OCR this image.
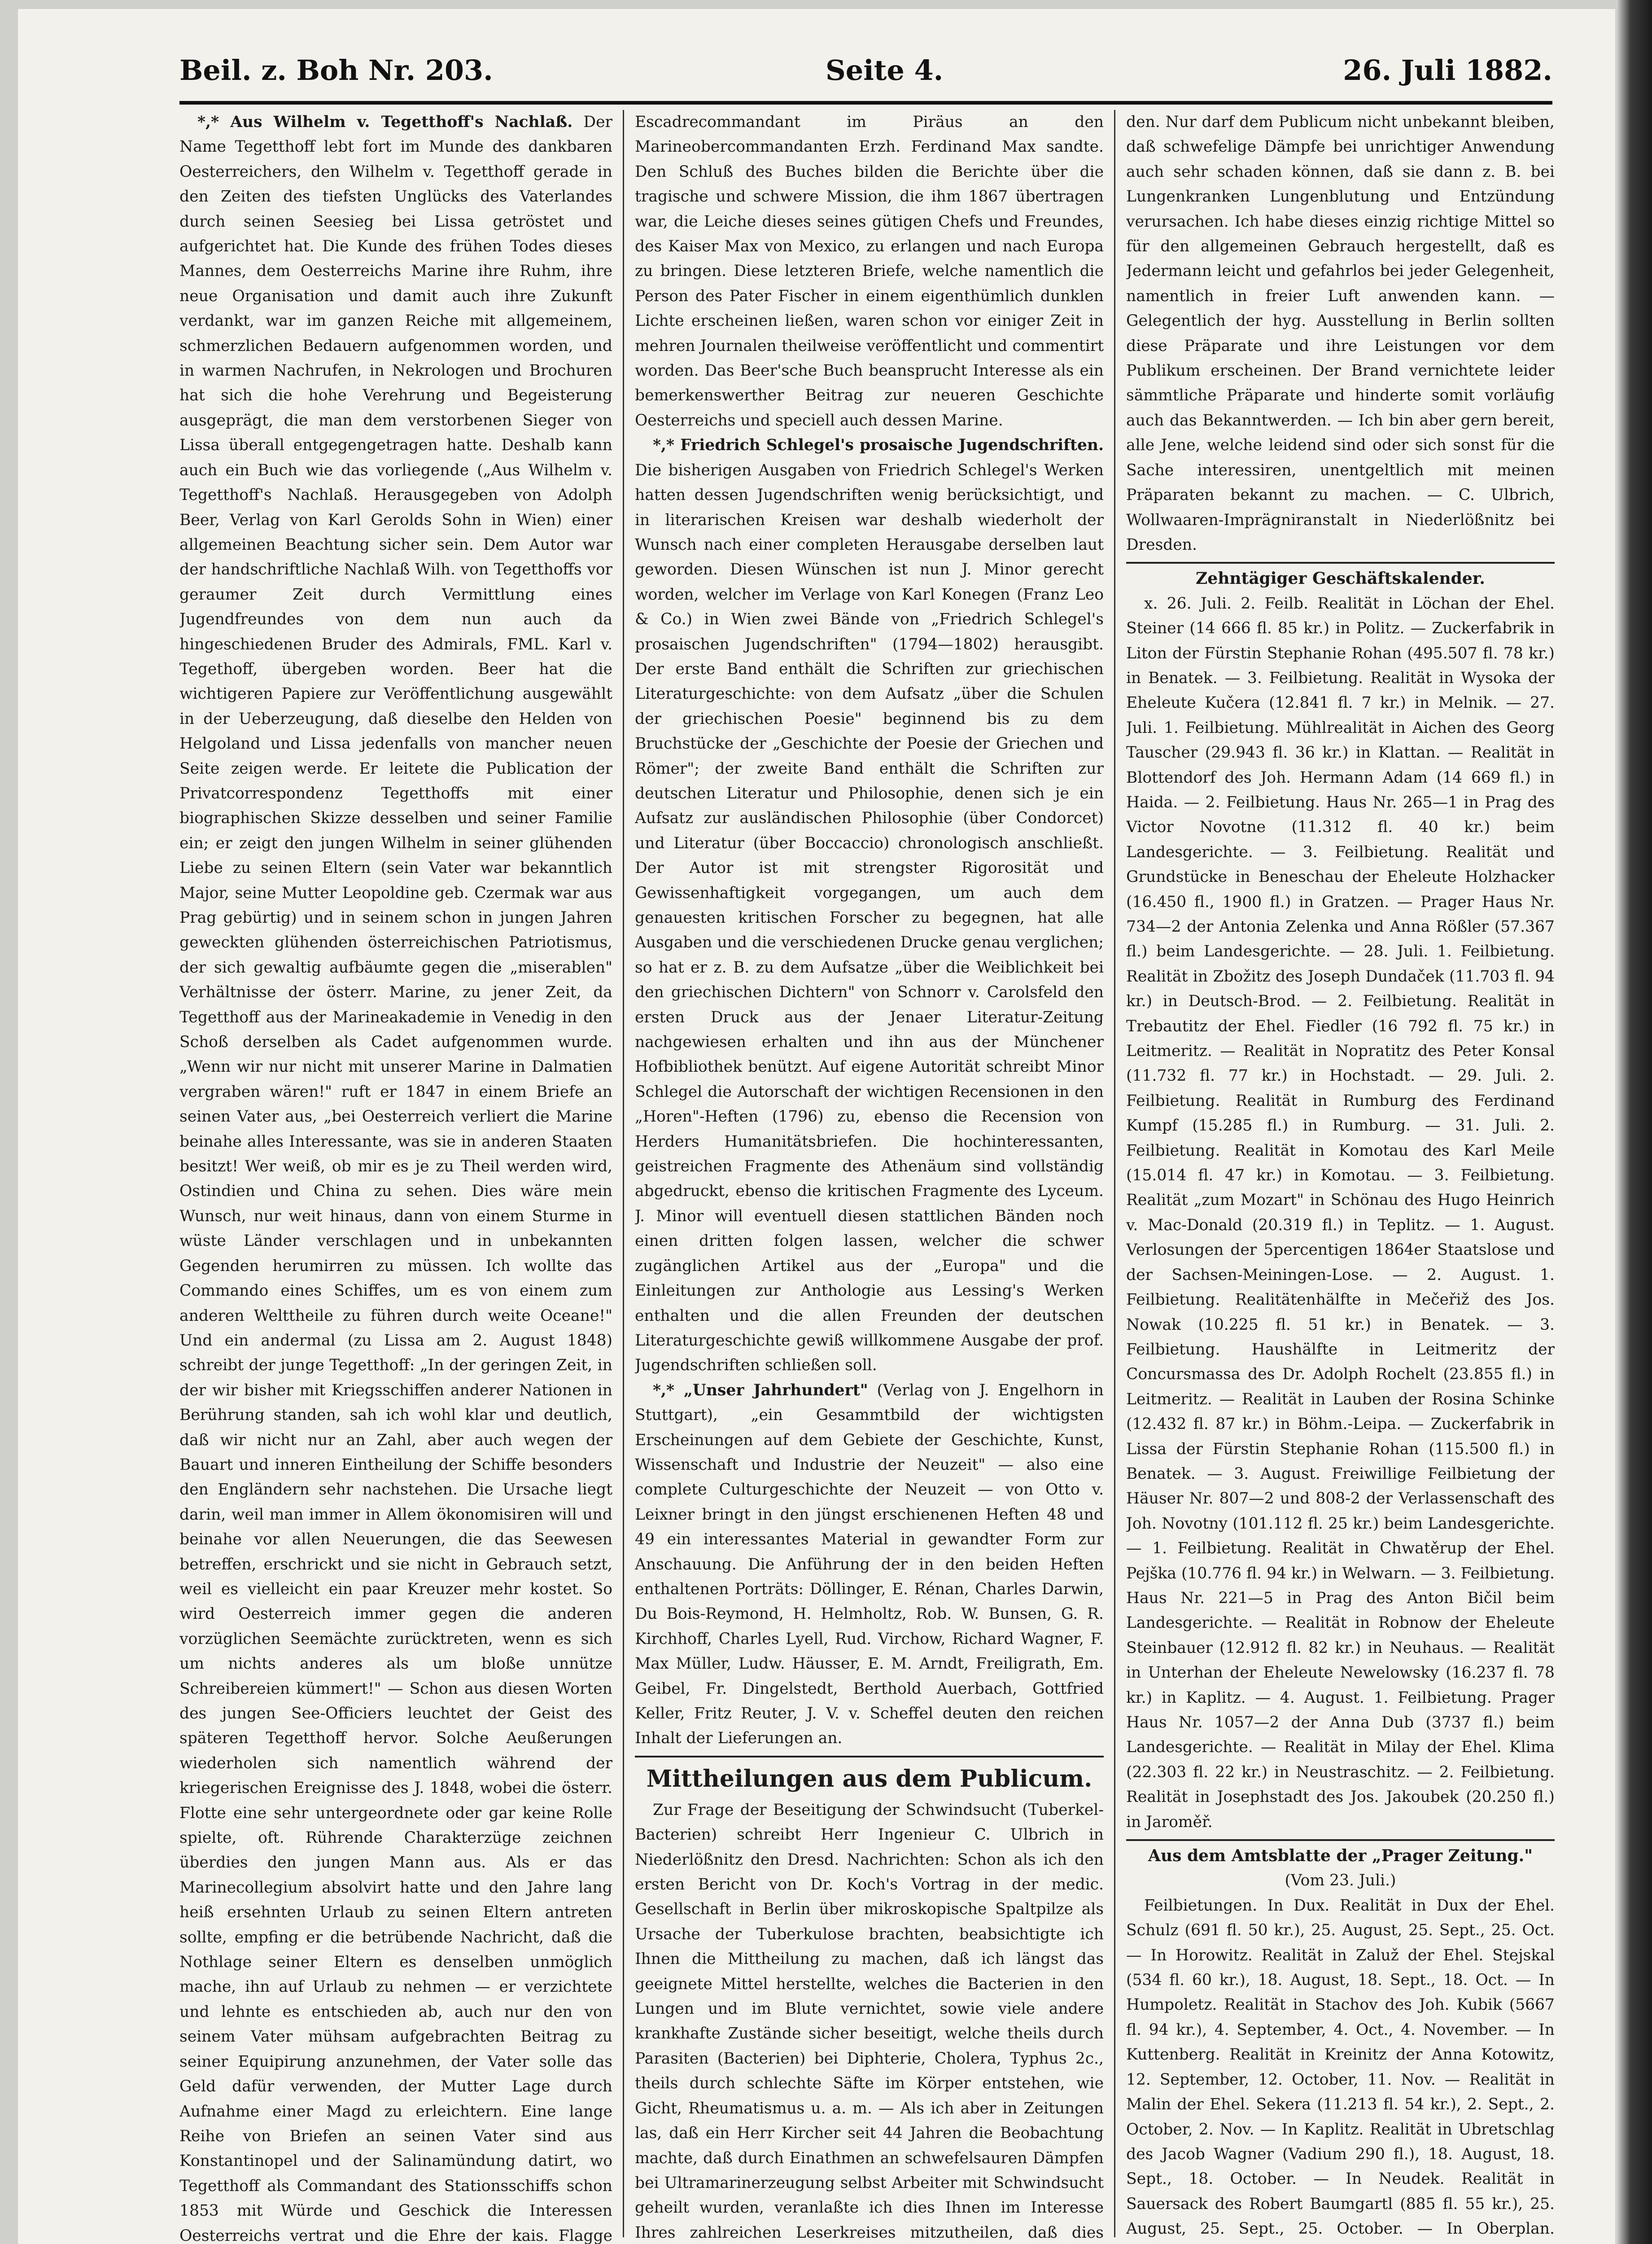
Beil. z. Boh Nr. 203.	Seite 4.	26. Juli 1882.

*,* Aus Wilhelm v. Tegetthoff's Nachlaß. Der Name Tegetthoff lebt fort im Munde des dankbaren Oesterreichers, den Wilhelm v. Tegetthoff gerade in den Zeiten des tiefsten Unglücks des Vaterlandes durch seinen Seesieg bei Lissa getröstet und aufgerichtet hat. Die Kunde des frühen Todes dieses Mannes, dem Oesterreichs Marine ihre Ruhm, ihre neue Organisation und damit auch ihre Zukunft verdankt, war im ganzen Reiche mit allgemeinem, schmerzlichen Bedauern aufgenommen worden, und in warmen Nachrufen, in Nekrologen und Brochuren hat sich die hohe Verehrung und Begeisterung ausgeprägt, die man dem verstorbenen Sieger von Lissa überall entgegengetragen hatte. Deshalb kann auch ein Buch wie das vorliegende („Aus Wilhelm v. Tegetthoff's Nachlaß. Herausgegeben von Adolph Beer, Verlag von Karl Gerolds Sohn in Wien) einer allgemeinen Beachtung sicher sein. Dem Autor war der handschriftliche Nachlaß Wilh. von Tegetthoffs vor geraumer Zeit durch Vermittlung eines Jugendfreundes von dem nun auch da hingeschiedenen Bruder des Admirals, FML. Karl v. Tegethoff, übergeben worden. Beer hat die wichtigeren Papiere zur Veröffentlichung ausgewählt in der Ueberzeugung, daß dieselbe den Helden von Helgoland und Lissa jedenfalls von mancher neuen Seite zeigen werde. Er leitete die Publication der Privatcorrespondenz Tegetthoffs mit einer biographischen Skizze desselben und seiner Familie ein; er zeigt den jungen Wilhelm in seiner glühenden Liebe zu seinen Eltern (sein Vater war bekanntlich Major, seine Mutter Leopoldine geb. Czermak war aus Prag gebürtig) und in seinem schon in jungen Jahren geweckten glühenden österreichischen Patriotismus, der sich gewaltig aufbäumte gegen die „miserablen" Verhältnisse der österr. Marine, zu jener Zeit, da Tegetthoff aus der Marineakademie in Venedig in den Schoß derselben als Cadet aufgenommen wurde. „Wenn wir nur nicht mit unserer Marine in Dalmatien vergraben wären!" ruft er 1847 in einem Briefe an seinen Vater aus, „bei Oesterreich verliert die Marine beinahe alles Interessante, was sie in anderen Staaten besitzt! Wer weiß, ob mir es je zu Theil werden wird, Ostindien und China zu sehen. Dies wäre mein Wunsch, nur weit hinaus, dann von einem Sturme in wüste Länder verschlagen und in unbekannten Gegenden herumirren zu müssen. Ich wollte das Commando eines Schiffes, um es von einem zum anderen Welttheile zu führen durch weite Oceane!" Und ein andermal (zu Lissa am 2. August 1848) schreibt der junge Tegetthoff: „In der geringen Zeit, in der wir bisher mit Kriegsschiffen anderer Nationen in Berührung standen, sah ich wohl klar und deutlich, daß wir nicht nur an Zahl, aber auch wegen der Bauart und inneren Eintheilung der Schiffe besonders den Engländern sehr nachstehen. Die Ursache liegt darin, weil man immer in Allem ökonomisiren will und beinahe vor allen Neuerungen, die das Seewesen betreffen, erschrickt und sie nicht in Gebrauch setzt, weil es vielleicht ein paar Kreuzer mehr kostet. So wird Oesterreich immer gegen die anderen vorzüglichen Seemächte zurücktreten, wenn es sich um nichts anderes als um bloße unnütze Schreibereien kümmert!" — Schon aus diesen Worten des jungen See-Officiers leuchtet der Geist des späteren Tegetthoff hervor. Solche Aeußerungen wiederholen sich namentlich während der kriegerischen Ereignisse des J. 1848, wobei die österr. Flotte eine sehr untergeordnete oder gar keine Rolle spielte, oft. Rührende Charakterzüge zeichnen überdies den jungen Mann aus. Als er das Marinecollegium absolvirt hatte und den Jahre lang heiß ersehnten Urlaub zu seinen Eltern antreten sollte, empfing er die betrübende Nachricht, daß die Nothlage seiner Eltern es denselben unmöglich mache, ihn auf Urlaub zu nehmen — er verzichtete und lehnte es entschieden ab, auch nur den von seinem Vater mühsam aufgebrachten Beitrag zu seiner Equipirung anzunehmen, der Vater solle das Geld dafür verwenden, der Mutter Lage durch Aufnahme einer Magd zu erleichtern. Eine lange Reihe von Briefen an seinen Vater sind aus Konstantinopel und der Salinamündung datirt, wo Tegetthoff als Commandant des Stationsschiffs schon 1853 mit Würde und Geschick die Interessen Oesterreichs vertrat und die Ehre der kais. Flagge

Escadrecommandant im Piräus an den Marineobercommandanten Erzh. Ferdinand Max sandte. Den Schluß des Buches bilden die Berichte über die tragische und schwere Mission, die ihm 1867 übertragen war, die Leiche dieses seines gütigen Chefs und Freundes, des Kaiser Max von Mexico, zu erlangen und nach Europa zu bringen. Diese letzteren Briefe, welche namentlich die Person des Pater Fischer in einem eigenthümlich dunklen Lichte erscheinen ließen, waren schon vor einiger Zeit in mehren Journalen theilweise veröffentlicht und commentirt worden. Das Beer'sche Buch beansprucht Interesse als ein bemerkenswerther Beitrag zur neueren Geschichte Oesterreichs und speciell auch dessen Marine.

*,* Friedrich Schlegel's prosaische Jugendschriften. Die bisherigen Ausgaben von Friedrich Schlegel's Werken hatten dessen Jugendschriften wenig berücksichtigt, und in literarischen Kreisen war deshalb wiederholt der Wunsch nach einer completen Herausgabe derselben laut geworden. Diesen Wünschen ist nun J. Minor gerecht worden, welcher im Verlage von Karl Konegen (Franz Leo & Co.) in Wien zwei Bände von „Friedrich Schlegel's prosaischen Jugendschriften" (1794—1802) herausgibt. Der erste Band enthält die Schriften zur griechischen Literaturgeschichte: von dem Aufsatz „über die Schulen der griechischen Poesie" beginnend bis zu dem Bruchstücke der „Geschichte der Poesie der Griechen und Römer"; der zweite Band enthält die Schriften zur deutschen Literatur und Philosophie, denen sich je ein Aufsatz zur ausländischen Philosophie (über Condorcet) und Literatur (über Boccaccio) chronologisch anschließt. Der Autor ist mit strengster Rigorosität und Gewissenhaftigkeit vorgegangen, um auch dem genauesten kritischen Forscher zu begegnen, hat alle Ausgaben und die verschiedenen Drucke genau verglichen; so hat er z. B. zu dem Aufsatze „über die Weiblichkeit bei den griechischen Dichtern" von Schnorr v. Carolsfeld den ersten Druck aus der Jenaer Literatur-Zeitung nachgewiesen erhalten und ihn aus der Münchener Hofbibliothek benützt. Auf eigene Autorität schreibt Minor Schlegel die Autorschaft der wichtigen Recensionen in den „Horen"-Heften (1796) zu, ebenso die Recension von Herders Humanitätsbriefen. Die hochinteressanten, geistreichen Fragmente des Athenäum sind vollständig abgedruckt, ebenso die kritischen Fragmente des Lyceum. J. Minor will eventuell diesen stattlichen Bänden noch einen dritten folgen lassen, welcher die schwer zugänglichen Artikel aus der „Europa" und die Einleitungen zur Anthologie aus Lessing's Werken enthalten und die allen Freunden der deutschen Literaturgeschichte gewiß willkommene Ausgabe der prof. Jugendschriften schließen soll.

*,* „Unser Jahrhundert" (Verlag von J. Engelhorn in Stuttgart), „ein Gesammtbild der wichtigsten Erscheinungen auf dem Gebiete der Geschichte, Kunst, Wissenschaft und Industrie der Neuzeit" — also eine complete Culturgeschichte der Neuzeit — von Otto v. Leixner bringt in den jüngst erschienenen Heften 48 und 49 ein interessantes Material in gewandter Form zur Anschauung. Die Anführung der in den beiden Heften enthaltenen Porträts: Döllinger, E. Rénan, Charles Darwin, Du Bois-Reymond, H. Helmholtz, Rob. W. Bunsen, G. R. Kirchhoff, Charles Lyell, Rud. Virchow, Richard Wagner, F. Max Müller, Ludw. Häusser, E. M. Arndt, Freiligrath, Em. Geibel, Fr. Dingelstedt, Berthold Auerbach, Gottfried Keller, Fritz Reuter, J. V. v. Scheffel deuten den reichen Inhalt der Lieferungen an.

Mittheilungen aus dem Publicum.

Zur Frage der Beseitigung der Schwindsucht (Tuberkel-Bacterien) schreibt Herr Ingenieur C. Ulbrich in Niederlößnitz den Dresd. Nachrichten: Schon als ich den ersten Bericht von Dr. Koch's Vortrag in der medic. Gesellschaft in Berlin über mikroskopische Spaltpilze als Ursache der Tuberkulose brachten, beabsichtigte ich Ihnen die Mittheilung zu machen, daß ich längst das geeignete Mittel herstellte, welches die Bacterien in den Lungen und im Blute vernichtet, sowie viele andere krankhafte Zustände sicher beseitigt, welche theils durch Parasiten (Bacterien) bei Diphterie, Cholera, Typhus 2c., theils durch schlechte Säfte im Körper entstehen, wie Gicht, Rheumatismus u. a. m. — Als ich aber in Zeitungen las, daß ein Herr Kircher seit 44 Jahren die Beobachtung machte, daß durch Einathmen an schwefelsauren Dämpfen bei Ultramarinerzeugung selbst Arbeiter mit Schwindsucht geheilt wurden, veranlaßte ich dies Ihnen im Interesse Ihres zahlreichen Leserkreises mitzutheilen, daß dies

den. Nur darf dem Publicum nicht unbekannt bleiben, daß schwefelige Dämpfe bei unrichtiger Anwendung auch sehr schaden können, daß sie dann z. B. bei Lungenkranken Lungenblutung und Entzündung verursachen. Ich habe dieses einzig richtige Mittel so für den allgemeinen Gebrauch hergestellt, daß es Jedermann leicht und gefahrlos bei jeder Gelegenheit, namentlich in freier Luft anwenden kann. — Gelegentlich der hyg. Ausstellung in Berlin sollten diese Präparate und ihre Leistungen vor dem Publikum erscheinen. Der Brand vernichtete leider sämmtliche Präparate und hinderte somit vorläufig auch das Bekanntwerden. — Ich bin aber gern bereit, alle Jene, welche leidend sind oder sich sonst für die Sache interessiren, unentgeltlich mit meinen Präparaten bekannt zu machen. — C. Ulbrich, Wollwaaren-Imprägniranstalt in Niederlößnitz bei Dresden.

Zehntägiger Geschäftskalender.

x. 26. Juli. 2. Feilb. Realität in Löchan der Ehel. Steiner (14 666 fl. 85 kr.) in Politz. — Zuckerfabrik in Liton der Fürstin Stephanie Rohan (495.507 fl. 78 kr.) in Benatek. — 3. Feilbietung. Realität in Wysoka der Eheleute Kučera (12.841 fl. 7 kr.) in Melnik. — 27. Juli. 1. Feilbietung. Mühlrealität in Aichen des Georg Tauscher (29.943 fl. 36 kr.) in Klattan. — Realität in Blottendorf des Joh. Hermann Adam (14 669 fl.) in Haida. — 2. Feilbietung. Haus Nr. 265—1 in Prag des Victor Novotne (11.312 fl. 40 kr.) beim Landesgerichte. — 3. Feilbietung. Realität und Grundstücke in Beneschau der Eheleute Holzhacker (16.450 fl., 1900 fl.) in Gratzen. — Prager Haus Nr. 734—2 der Antonia Zelenka und Anna Rößler (57.367 fl.) beim Landesgerichte. — 28. Juli. 1. Feilbietung. Realität in Zbožitz des Joseph Dundaček (11.703 fl. 94 kr.) in Deutsch-Brod. — 2. Feilbietung. Realität in Trebautitz der Ehel. Fiedler (16 792 fl. 75 kr.) in Leitmeritz. — Realität in Nopratitz des Peter Konsal (11.732 fl. 77 kr.) in Hochstadt. — 29. Juli. 2. Feilbietung. Realität in Rumburg des Ferdinand Kumpf (15.285 fl.) in Rumburg. — 31. Juli. 2. Feilbietung. Realität in Komotau des Karl Meile (15.014 fl. 47 kr.) in Komotau. — 3. Feilbietung. Realität „zum Mozart" in Schönau des Hugo Heinrich v. Mac-Donald (20.319 fl.) in Teplitz. — 1. August. Verlosungen der 5percentigen 1864er Staatslose und der Sachsen-Meiningen-Lose. — 2. August. 1. Feilbietung. Realitätenhälfte in Mečeřiž des Jos. Nowak (10.225 fl. 51 kr.) in Benatek. — 3. Feilbietung. Haushälfte in Leitmeritz der Concursmassa des Dr. Adolph Rochelt (23.855 fl.) in Leitmeritz. — Realität in Lauben der Rosina Schinke (12.432 fl. 87 kr.) in Böhm.-Leipa. — Zuckerfabrik in Lissa der Fürstin Stephanie Rohan (115.500 fl.) in Benatek. — 3. August. Freiwillige Feilbietung der Häuser Nr. 807—2 und 808-2 der Verlassenschaft des Joh. Novotny (101.112 fl. 25 kr.) beim Landesgerichte. — 1. Feilbietung. Realität in Chwatěrup der Ehel. Pejška (10.776 fl. 94 kr.) in Welwarn. — 3. Feilbietung. Haus Nr. 221—5 in Prag des Anton Bičil beim Landesgerichte. — Realität in Robnow der Eheleute Steinbauer (12.912 fl. 82 kr.) in Neuhaus. — Realität in Unterhan der Eheleute Newelowsky (16.237 fl. 78 kr.) in Kaplitz. — 4. August. 1. Feilbietung. Prager Haus Nr. 1057—2 der Anna Dub (3737 fl.) beim Landesgerichte. — Realität in Milay der Ehel. Klima (22.303 fl. 22 kr.) in Neustraschitz. — 2. Feilbietung. Realität in Josephstadt des Jos. Jakoubek (20.250 fl.) in Jaroměř.

Aus dem Amtsblatte der „Prager Zeitung."

(Vom 23. Juli.)

Feilbietungen. In Dux. Realität in Dux der Ehel. Schulz (691 fl. 50 kr.), 25. August, 25. Sept., 25. Oct. — In Horowitz. Realität in Zaluž der Ehel. Stejskal (534 fl. 60 kr.), 18. August, 18. Sept., 18. Oct. — In Humpoletz. Realität in Stachov des Joh. Kubik (5667 fl. 94 kr.), 4. September, 4. Oct., 4. November. — In Kuttenberg. Realität in Kreinitz der Anna Kotowitz, 12. September, 12. October, 11. Nov. — Realität in Malin der Ehel. Sekera (11.213 fl. 54 kr.), 2. Sept., 2. October, 2. Nov. — In Kaplitz. Realität in Ubretschlag des Jacob Wagner (Vadium 290 fl.), 18. August, 18. Sept., 18. October. — In Neudek. Realität in Sauersack des Robert Baumgartl (885 fl. 55 kr.), 25. August, 25. Sept., 25. October. — In Oberplan.
